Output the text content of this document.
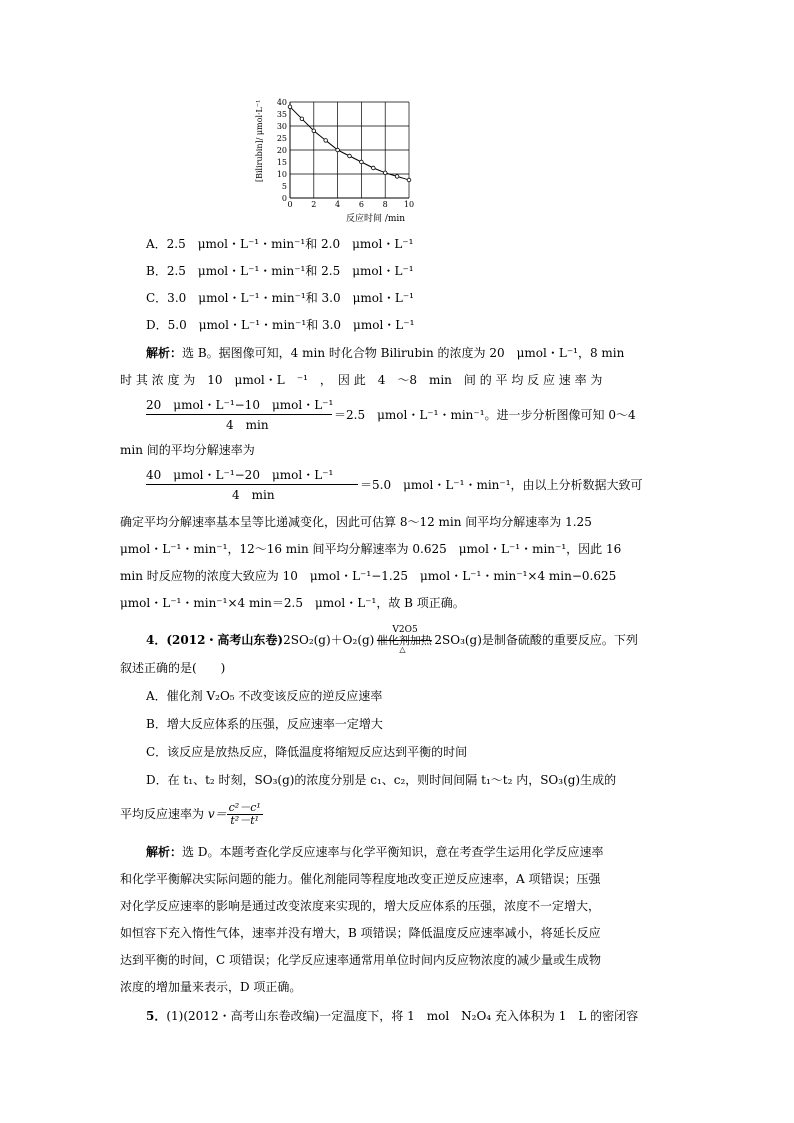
0 2 4 6 8 10
0
5
10
15
20
25
30
35
40
[Bilirubin]/ μmol·L⁻¹
反应时间 /min
A．2.5　μmol・L⁻¹・min⁻¹和 2.0　μmol・L⁻¹
B．2.5　μmol・L⁻¹・min⁻¹和 2.5　μmol・L⁻¹
C．3.0　μmol・L⁻¹・min⁻¹和 3.0　μmol・L⁻¹
D．5.0　μmol・L⁻¹・min⁻¹和 3.0　μmol・L⁻¹
解析：选 B。据图像可知，4 min 时化合物 Bilirubin 的浓度为 20　μmol・L⁻¹，8 min
时 其 浓 度 为　10　μmol・L　⁻¹　，　因 此　4　～8　min　间 的 平 均 反 应 速 率 为
20　μmol・L⁻¹−10　μmol・L⁻¹
4　min
＝2.5　μmol・L⁻¹・min⁻¹。进一步分析图像可知 0～4
min 间的平均分解速率为
40　μmol・L⁻¹−20　μmol・L⁻¹
4　min
＝5.0　μmol・L⁻¹・min⁻¹，由以上分析数据大致可
确定平均分解速率基本呈等比递减变化，因此可估算 8～12 min 间平均分解速率为 1.25
μmol・L⁻¹・min⁻¹，12～16 min 间平均分解速率为 0.625　μmol・L⁻¹・min⁻¹，因此 16
min 时反应物的浓度大致应为 10　μmol・L⁻¹−1.25　μmol・L⁻¹・min⁻¹×4 min−0.625
μmol・L⁻¹・min⁻¹×4 min＝2.5　μmol・L⁻¹，故 B 项正确。
4．(2012・高考山东卷)2SO₂(g)＋O₂(g)
V2O5
催化剂加热
△
2SO₃(g)是制备硫酸的重要反应。下列
叙述正确的是(　　)
A．催化剂 V₂O₅ 不改变该反应的逆反应速率
B．增大反应体系的压强，反应速率一定增大
C．该反应是放热反应，降低温度将缩短反应达到平衡的时间
D．在 t₁、t₂ 时刻，SO₃(g)的浓度分别是 c₁、c₂，则时间间隔 t₁～t₂ 内，SO₃(g)生成的
平均反应速率为 $v= \frac{\text{c²－c¹}}{\text{t²－t¹}}$
解析：选 D。本题考查化学反应速率与化学平衡知识，意在考查学生运用化学反应速率
和化学平衡解决实际问题的能力。催化剂能同等程度地改变正逆反应速率，A 项错误；压强
对化学反应速率的影响是通过改变浓度来实现的，增大反应体系的压强，浓度不一定增大，
如恒容下充入惰性气体，速率并没有增大，B 项错误；降低温度反应速率减小，将延长反应
达到平衡的时间，C 项错误；化学反应速率通常用单位时间内反应物浓度的减少量或生成物
浓度的增加量来表示，D 项正确。
5．(1)(2012・高考山东卷改编)一定温度下，将 1　mol　N₂O₄ 充入体积为 1　L 的密闭容
